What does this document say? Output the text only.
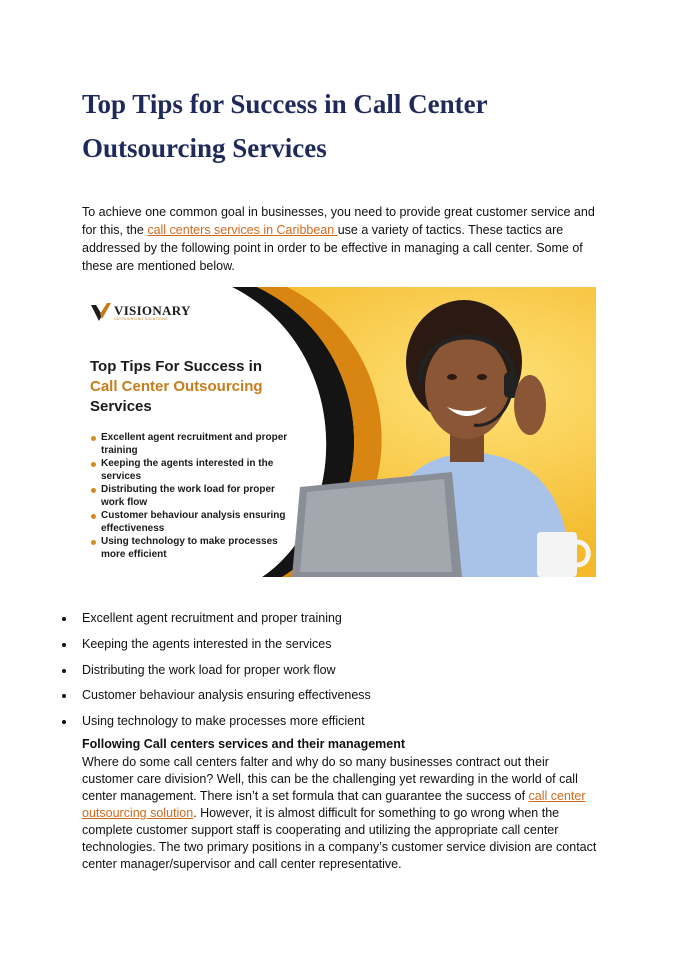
Top Tips for Success in Call Center Outsourcing Services

To achieve one common goal in businesses, you need to provide great customer service and for this, the call centers services in Caribbean use a variety of tactics. These tactics are addressed by the following point in order to be effective in managing a call center. Some of these are mentioned below.

VISIONARY
OUTSOURCING SOLUTIONS
Top Tips For Success in
Call Center Outsourcing
Services
Excellent agent recruitment and proper training
Keeping the agents interested in the services
Distributing the work load for proper work flow
Customer behaviour analysis ensuring effectiveness
Using technology to make processes more efficient
Excellent agent recruitment and proper training
Keeping the agents interested in the services
Distributing the work load for proper work flow
Customer behaviour analysis ensuring effectiveness
Using technology to make processes more efficient
Following Call centers services and their management

Where do some call centers falter and why do so many businesses contract out their customer care division? Well, this can be the challenging yet rewarding in the world of call center management. There isn’t a set formula that can guarantee the success of call center outsourcing solution. However, it is almost difficult for something to go wrong when the complete customer support staff is cooperating and utilizing the appropriate call center technologies. The two primary positions in a company’s customer service division are contact center manager/supervisor and call center representative.
